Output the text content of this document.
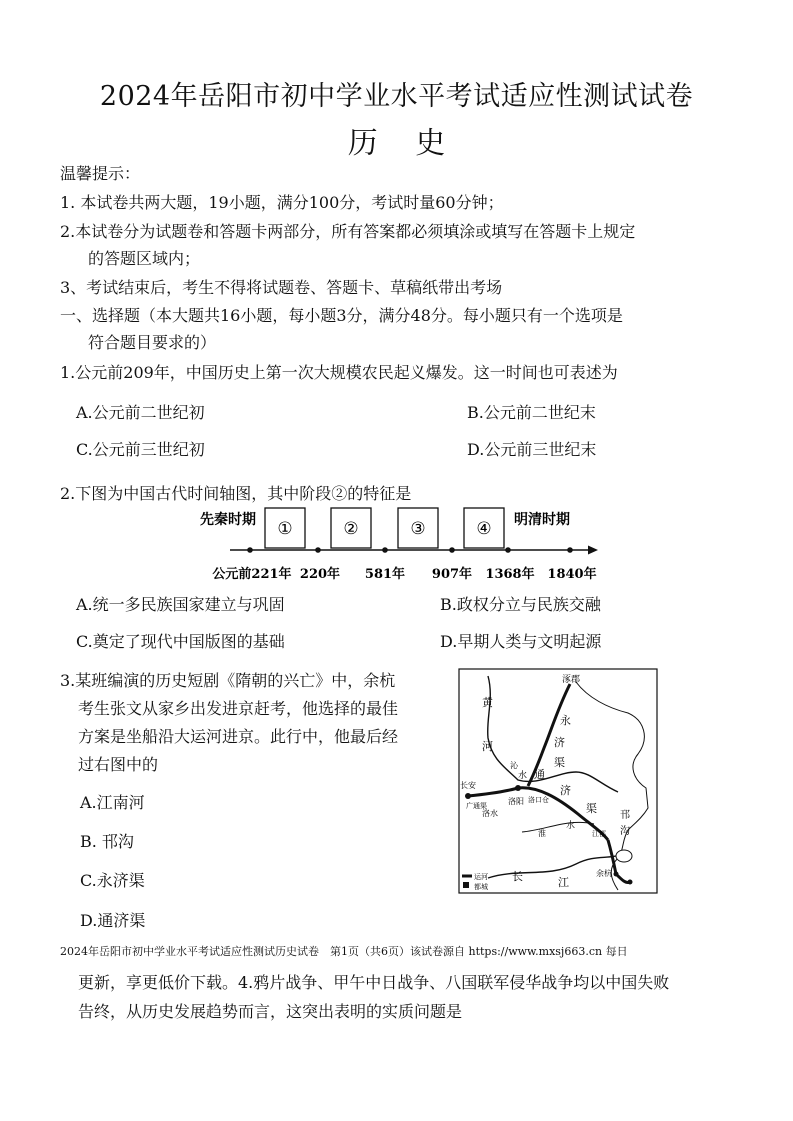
2024年岳阳市初中学业水平考试适应性测试试卷
历 史
温馨提示：
1. 本试卷共两大题，19小题，满分100分，考试时量60分钟；
2.本试卷分为试题卷和答题卡两部分，所有答案都必须填涂或填写在答题卡上规定
的答题区域内；
3、考试结束后，考生不得将试题卷、答题卡、草稿纸带出考场
一、选择题（本大题共16小题，每小题3分，满分48分。每小题只有一个选项是
符合题目要求的）
1.公元前209年，中国历史上第一次大规模农民起义爆发。这一时间也可表述为
A.公元前二世纪初	B.公元前二世纪末
C.公元前三世纪初	D.公元前三世纪末
2.下图为中国古代时间轴图，其中阶段②的特征是
①	②	③	④
先秦时期	明清时期
公元前221年 220年 581年 907年 1368年 1840年
A.统一多民族国家建立与巩固	B.政权分立与民族交融
C.奠定了现代中国版图的基础	D.早期人类与文明起源
3.某班编演的历史短剧《隋朝的兴亡》中，余杭
考生张文从家乡出发进京赶考，他选择的最佳
方案是坐船沿大运河进京。此行中，他最后经
过右图中的
A.江南河
B. 邗沟
C.永济渠
D.通济渠
涿郡
黄
永
河
沁
济
渠
长安
水 通
广通渠	洛阳 洛口仓
济
渠
洛水	邗
淮
水
江都 沟
长	江
余杭
运河
都城
2024年岳阳市初中学业水平考试适应性测试历史试卷　第1页（共6页）该试卷源自 https://www.mxsj663.cn 每日
更新，享更低价下载。4.鸦片战争、甲午中日战争、八国联军侵华战争均以中国失败
告终，从历史发展趋势而言，这突出表明的实质问题是
